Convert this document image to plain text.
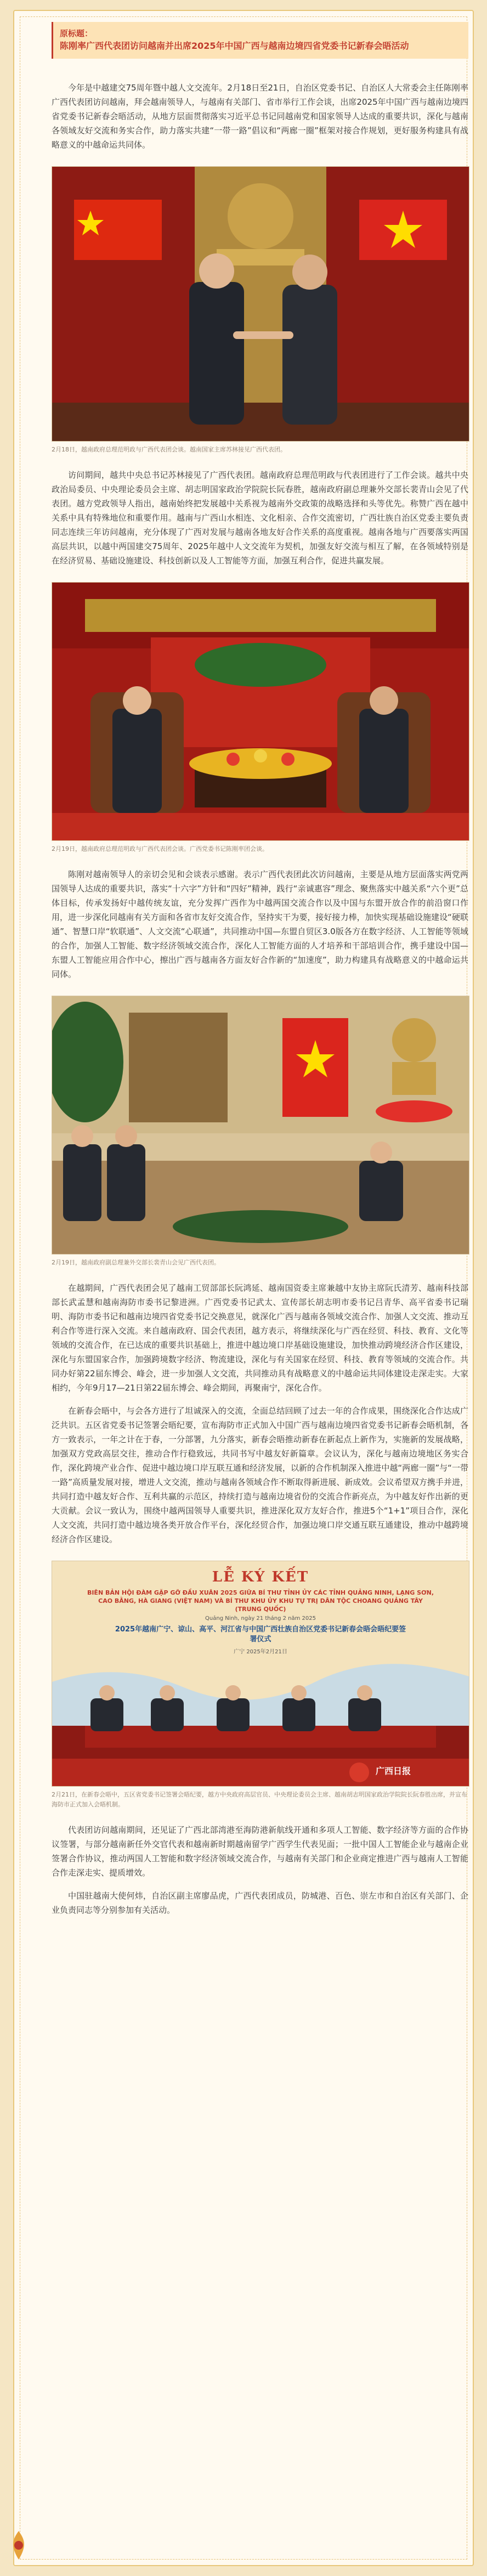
原标题：
陈刚率广西代表团访问越南并出席2025年中国广西与越南边境四省党委书记新春会晤活动

今年是中越建交75周年暨中越人文交流年。2月18日至21日，自治区党委书记、自治区人大常委会主任陈刚率广西代表团访问越南，拜会越南领导人，与越南有关部门、省市举行工作会谈，出席2025年中国广西与越南边境四省党委书记新春会晤活动，从地方层面贯彻落实习近平总书记同越南党和国家领导人达成的重要共识，深化与越南各领域友好交流和务实合作，助力落实共建“一带一路”倡议和“两廊一圈”框架对接合作规划，更好服务构建具有战略意义的中越命运共同体。

2月18日，越南政府总理范明政与广西代表团会谈。越南国家主席苏林接见广西代表团。

访问期间，越共中央总书记苏林接见了广西代表团。越南政府总理范明政与代表团进行了工作会谈。越共中央政治局委员、中央理论委员会主席、胡志明国家政治学院院长阮春胜，越南政府副总理兼外交部长裴青山会见了代表团。越方党政领导人指出，越南始终把发展越中关系视为越南外交政策的战略选择和头等优先。称赞广西在越中关系中具有特殊地位和重要作用。越南与广西山水相连、文化相亲、合作交流密切，广西壮族自治区党委主要负责同志连续三年访问越南，充分体现了广西对发展与越南各地友好合作关系的高度重视。越南各地与广西要落实两国高层共识，以越中两国建交75周年、2025年越中人文交流年为契机，加强友好交流与相互了解，在各领域特别是在经济贸易、基础设施建设、科技创新以及人工智能等方面，加强互利合作，促进共赢发展。

2月19日，越南政府总理范明政与广西代表团会谈。广西党委书记陈刚率团会谈。

陈刚对越南领导人的亲切会见和会谈表示感谢。表示广西代表团此次访问越南，主要是从地方层面落实两党两国领导人达成的重要共识，落实“十六字”方针和“四好”精神，践行“亲诚惠容”理念、聚焦落实中越关系“六个更”总体目标，传承发扬好中越传统友谊，充分发挥广西作为中越两国交流合作以及中国与东盟开放合作的前沿窗口作用，进一步深化同越南有关方面和各省市友好交流合作，坚持实干为要，接好接力棒，加快实现基础设施建设“硬联通”、智慧口岸“软联通”、人文交流“心联通”，共同推动中国—东盟自贸区3.0版各方在数字经济、人工智能等领域的合作，加强人工智能、数字经济领域交流合作，深化人工智能方面的人才培养和干部培训合作，携手建设中国—东盟人工智能应用合作中心，擦出广西与越南各方面友好合作新的“加速度”，助力构建具有战略意义的中越命运共同体。

2月19日，越南政府副总理兼外交部长裴青山会见广西代表团。

在越期间，广西代表团会见了越南工贸部部长阮鸿延、越南国资委主席兼越中友协主席阮氏清芳、越南科技部部长武孟慧和越南海防市委书记黎进洲。广西党委书记武太、宣传部长胡志明市委书记吕青华、高平省委书记瑞明、海防市委书记和越南边境四省党委书记交换意见，就深化广西与越南各领域交流合作、加强人文交流、推动互利合作等进行深入交流。来自越南政府、国会代表团，越方表示，将继续深化与广西在经贸、科技、教育、文化等领域的交流合作，在已达成的重要共识基础上，推进中越边境口岸基础设施建设，加快推动跨境经济合作区建设，深化与东盟国家合作，加强跨境数字经济、物流建设，深化与有关国家在经贸、科技、教育等领域的交流合作。共同办好第22届东博会、峰会，进一步加强人文交流，共同推动具有战略意义的中越命运共同体建设走深走实。大家相约，今年9月17—21日第22届东博会、峰会期间，再聚南宁，深化合作。

在新春会晤中，与会各方进行了坦诚深入的交流，全面总结回顾了过去一年的合作成果，围绕深化合作达成广泛共识。五区省党委书记签署会晤纪要，宣布海防市正式加入中国广西与越南边境四省党委书记新春会晤机制，各方一致表示，一年之计在于春，一分部署，九分落实，新春会晤推动新春在新起点上新作为，实施新的发展战略，加强双方党政高层交往，推动合作行稳致远，共同书写中越友好新篇章。会议认为，深化与越南边境地区务实合作，深化跨境产业合作、促进中越边境口岸互联互通和经济发展，以新的合作机制深入推进中越“两廊一圈”与“一带一路”高质量发展对接，增进人文交流，推动与越南各领域合作不断取得新进展、新成效。会议希望双方携手并进，共同打造中越友好合作、互利共赢的示范区，持续打造与越南边境省份的交流合作新亮点，为中越友好作出新的更大贡献。会议一致认为，围绕中越两国领导人重要共识，推进深化双方友好合作，推进5个“1+1”项目合作，深化人文交流，共同打造中越边境各类开放合作平台，深化经贸合作，加强边境口岸交通互联互通建设，推动中越跨境经济合作区建设。

LỄ KÝ KẾT
BIÊN BẢN HỘI ĐÀM GẶP GỠ ĐẦU XUÂN 2025 GIỮA BÍ THƯ TỈNH ỦY CÁC TỈNH QUẢNG NINH, LẠNG SƠN, CAO BẰNG, HÀ GIANG (VIỆT NAM) VÀ BÍ THƯ KHU ỦY KHU TỰ TRỊ DÂN TỘC CHOANG QUẢNG TÂY (TRUNG QUỐC)
Quảng Ninh, ngày 21 tháng 2 năm 2025
2025年越南广宁、谅山、高平、河江省与中国广西壮族自治区党委书记新春会晤会晤纪要签署仪式
广宁 2025年2月21日
广西日报
2月21日，在新春会晤中，五区省党委书记签署会晤纪要，越方中央政府高层官员、中央理论委员会主席、越南胡志明国家政治学院院长阮春胜出席，并宣布海防市正式加入会晤机制。

代表团访问越南期间，还见证了广西北部湾港至海防港新航线开通和多项人工智能、数字经济等方面的合作协议签署，与部分越南新任外交官代表和越南新时期越南留学广西学生代表见面；一批中国人工智能企业与越南企业签署合作协议，推动两国人工智能和数字经济领域交流合作，与越南有关部门和企业商定推进广西与越南人工智能合作走深走实、提质增效。

中国驻越南大使何炜，自治区副主席廖品虎，广西代表团成员，防城港、百色、崇左市和自治区有关部门、企业负责同志等分别参加有关活动。
